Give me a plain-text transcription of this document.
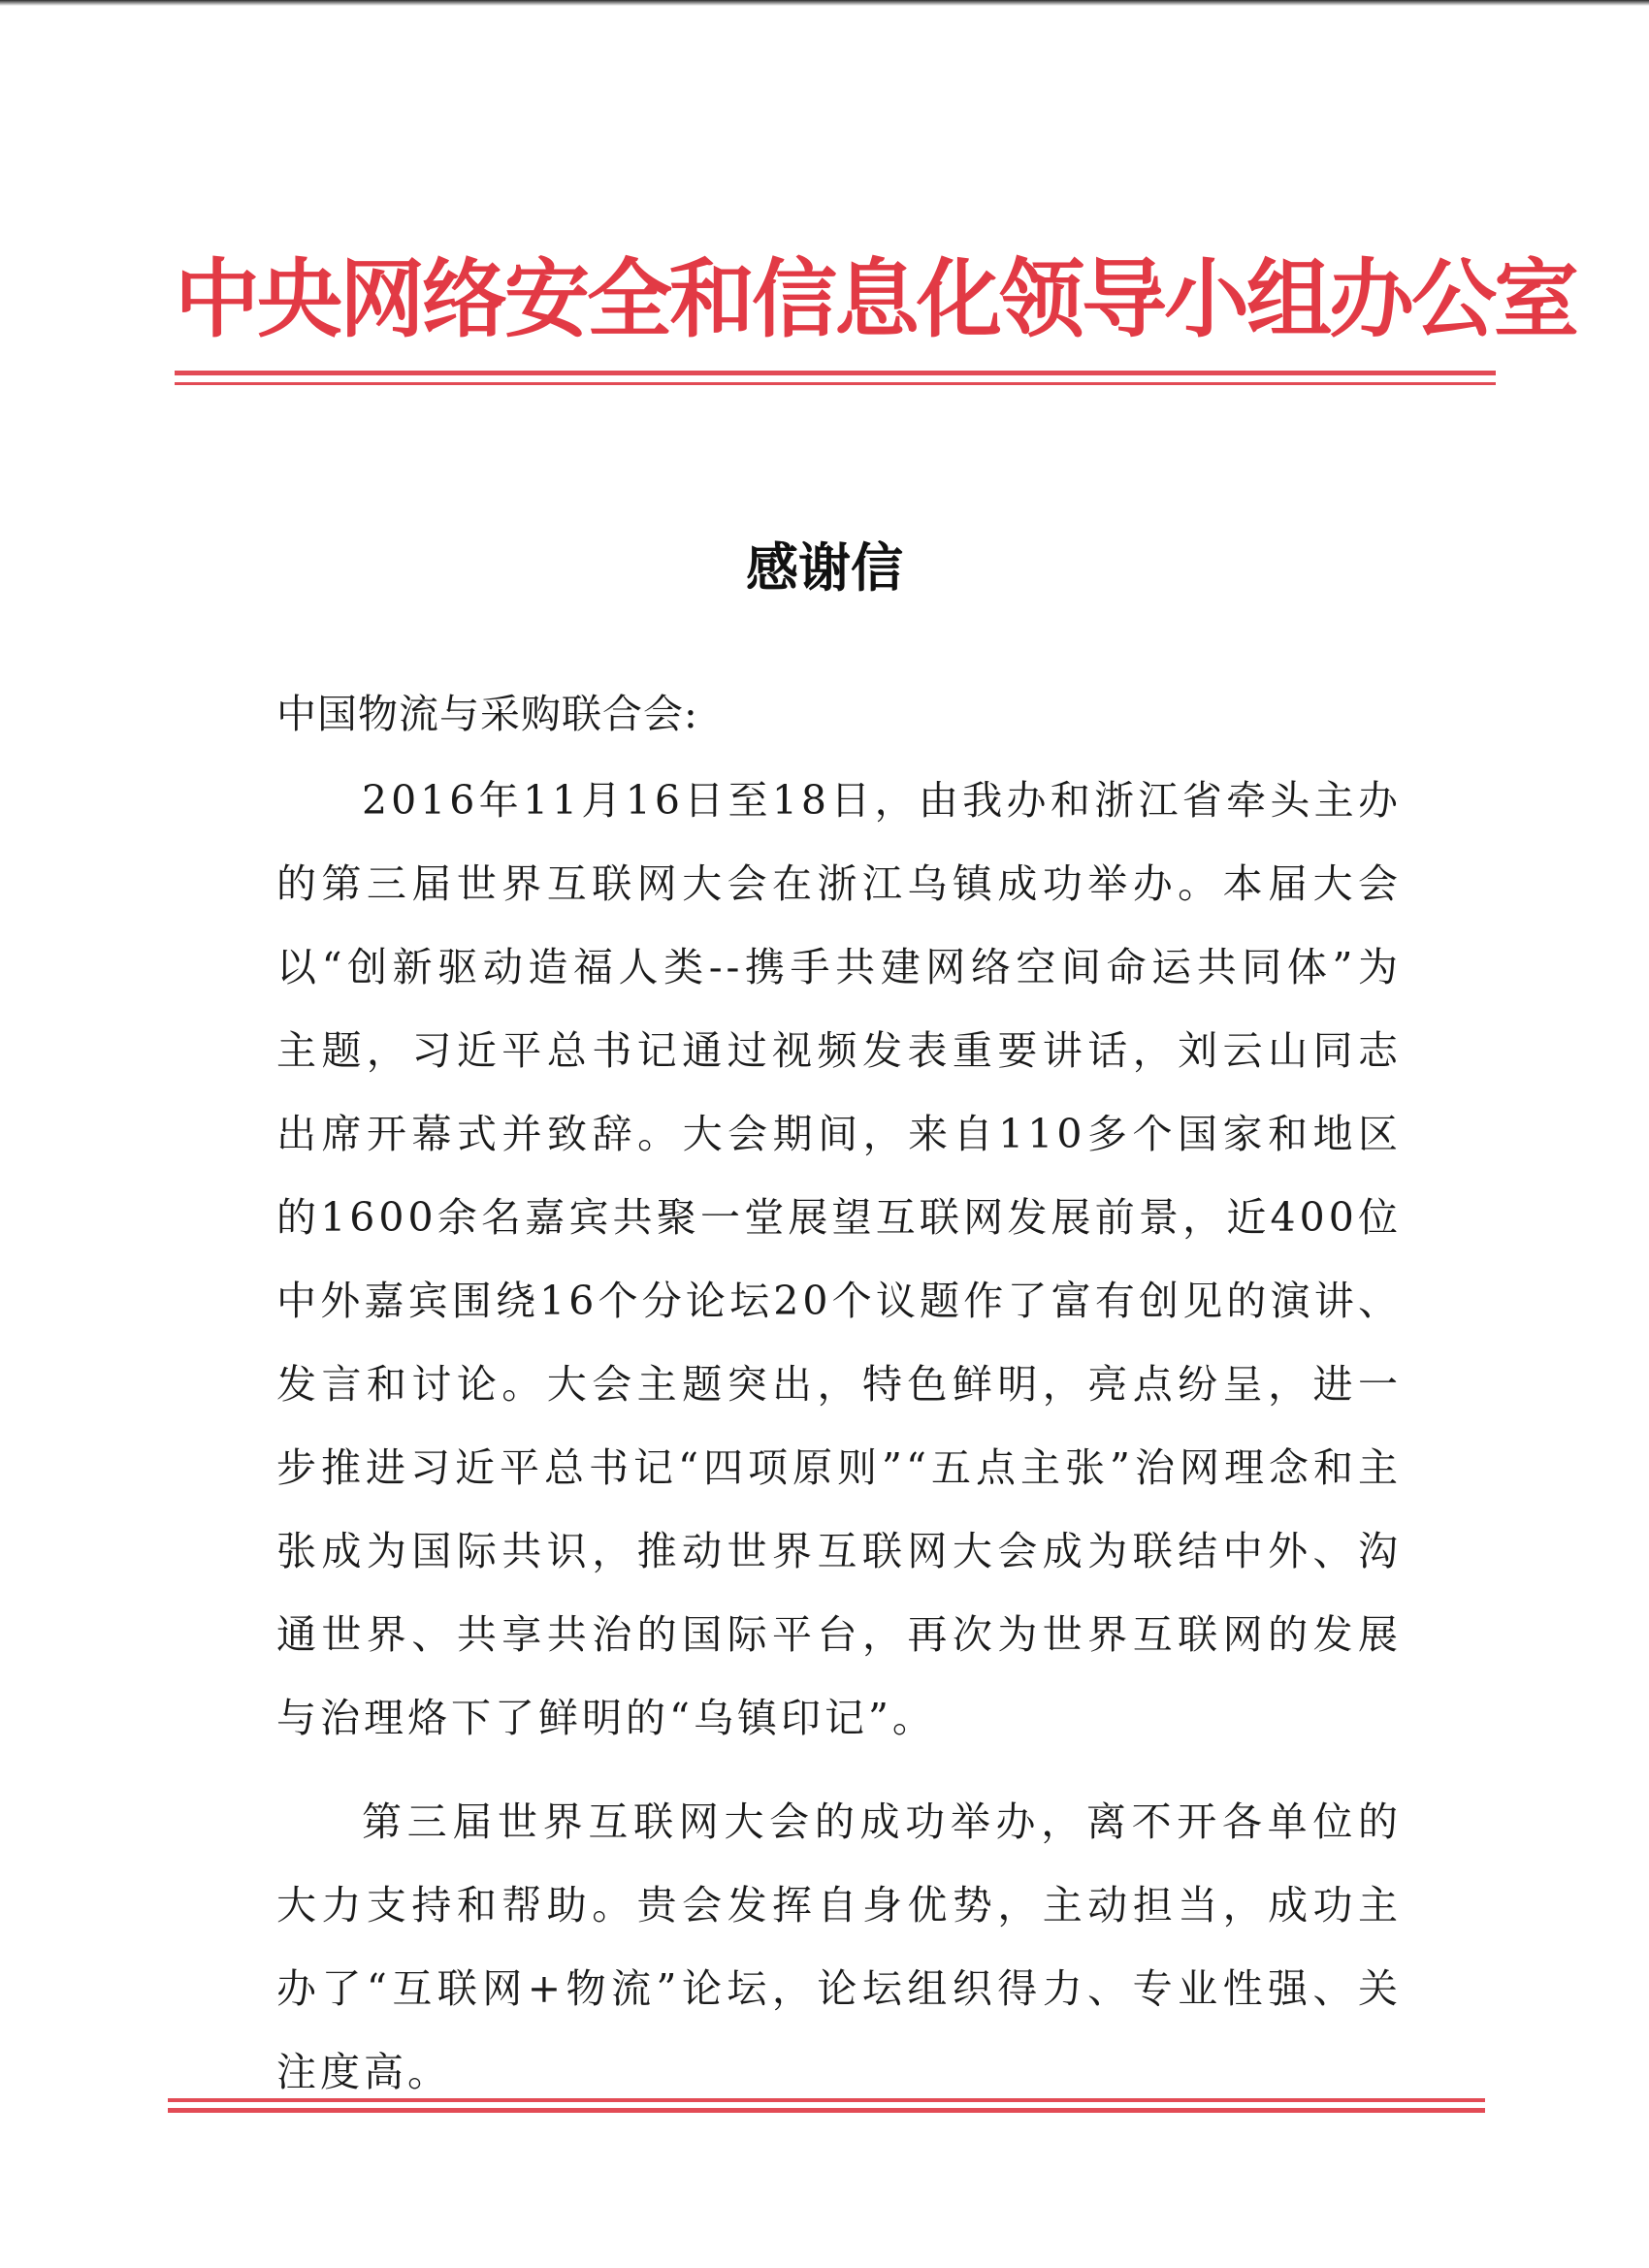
中央网络安全和信息化领导小组办公室
感谢信
中国物流与采购联合会:
2016年11月16日至18日，由我办和浙江省牵头主办的第三届世界互联网大会在浙江乌镇成功举办。本届大会以“创新驱动造福人类--携手共建网络空间命运共同体”为主题，习近平总书记通过视频发表重要讲话，刘云山同志出席开幕式并致辞。大会期间，来自110多个国家和地区的1600余名嘉宾共聚一堂展望互联网发展前景，近400位中外嘉宾围绕16个分论坛20个议题作了富有创见的演讲、发言和讨论。大会主题突出，特色鲜明，亮点纷呈，进一步推进习近平总书记“四项原则”“五点主张”治网理念和主张成为国际共识，推动世界互联网大会成为联结中外、沟通世界、共享共治的国际平台，再次为世界互联网的发展与治理烙下了鲜明的“乌镇印记”。
第三届世界互联网大会的成功举办，离不开各单位的大力支持和帮助。贵会发挥自身优势，主动担当，成功主办了“互联网+物流”论坛，论坛组织得力、专业性强、关注度高。
